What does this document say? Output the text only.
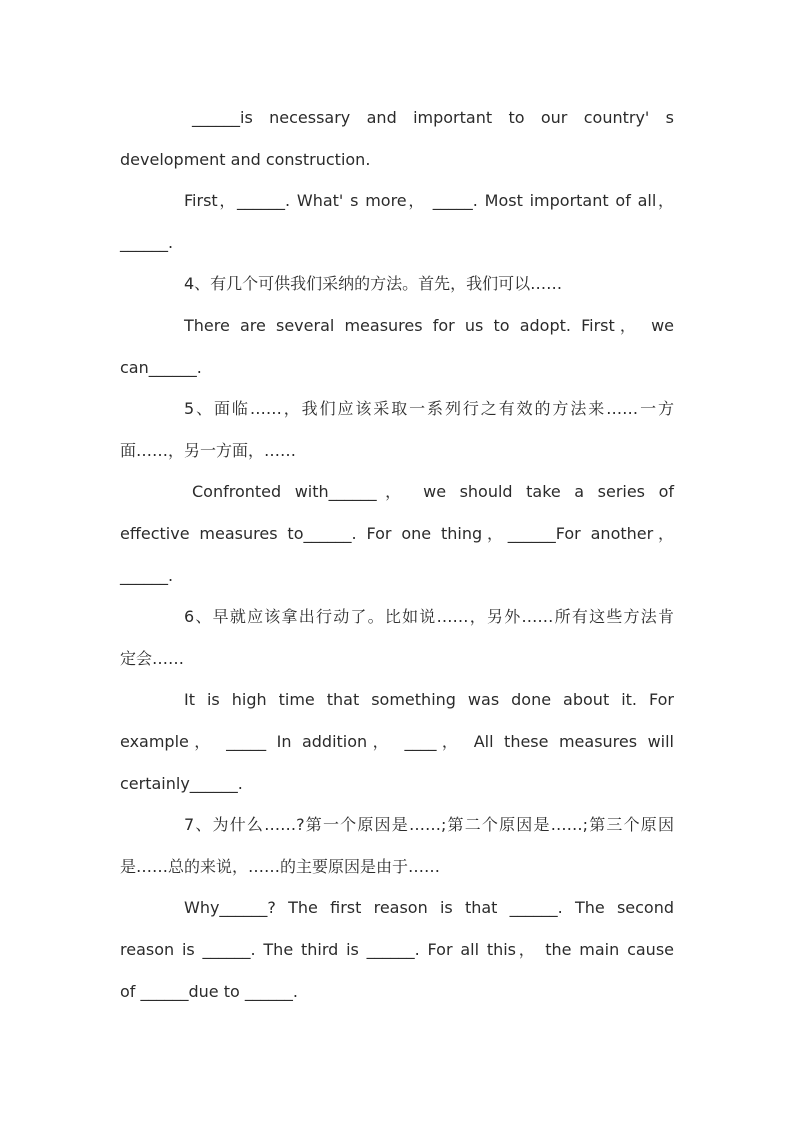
______is necessary and important to our country' s
development and construction.
First，______. What' s more， _____. Most important of all，
______.
4、有几个可供我们采纳的方法。首先，我们可以……
There are several measures for us to adopt. First， we
can______.
5、面临……，我们应该采取一系列行之有效的方法来……一方
面……，另一方面，……
Confronted with______， we should take a series of
effective measures to______. For one thing，______For another，
______.
6、早就应该拿出行动了。比如说……，另外……所有这些方法肯
定会……
It is high time that something was done about it. For
example， _____ In addition， ____， All these measures will
certainly______.
7、为什么……?第一个原因是……;第二个原因是……;第三个原因
是……总的来说，……的主要原因是由于……
Why______? The first reason is that ______. The second
reason is ______. The third is ______. For all this， the main cause
of ______due to ______.
